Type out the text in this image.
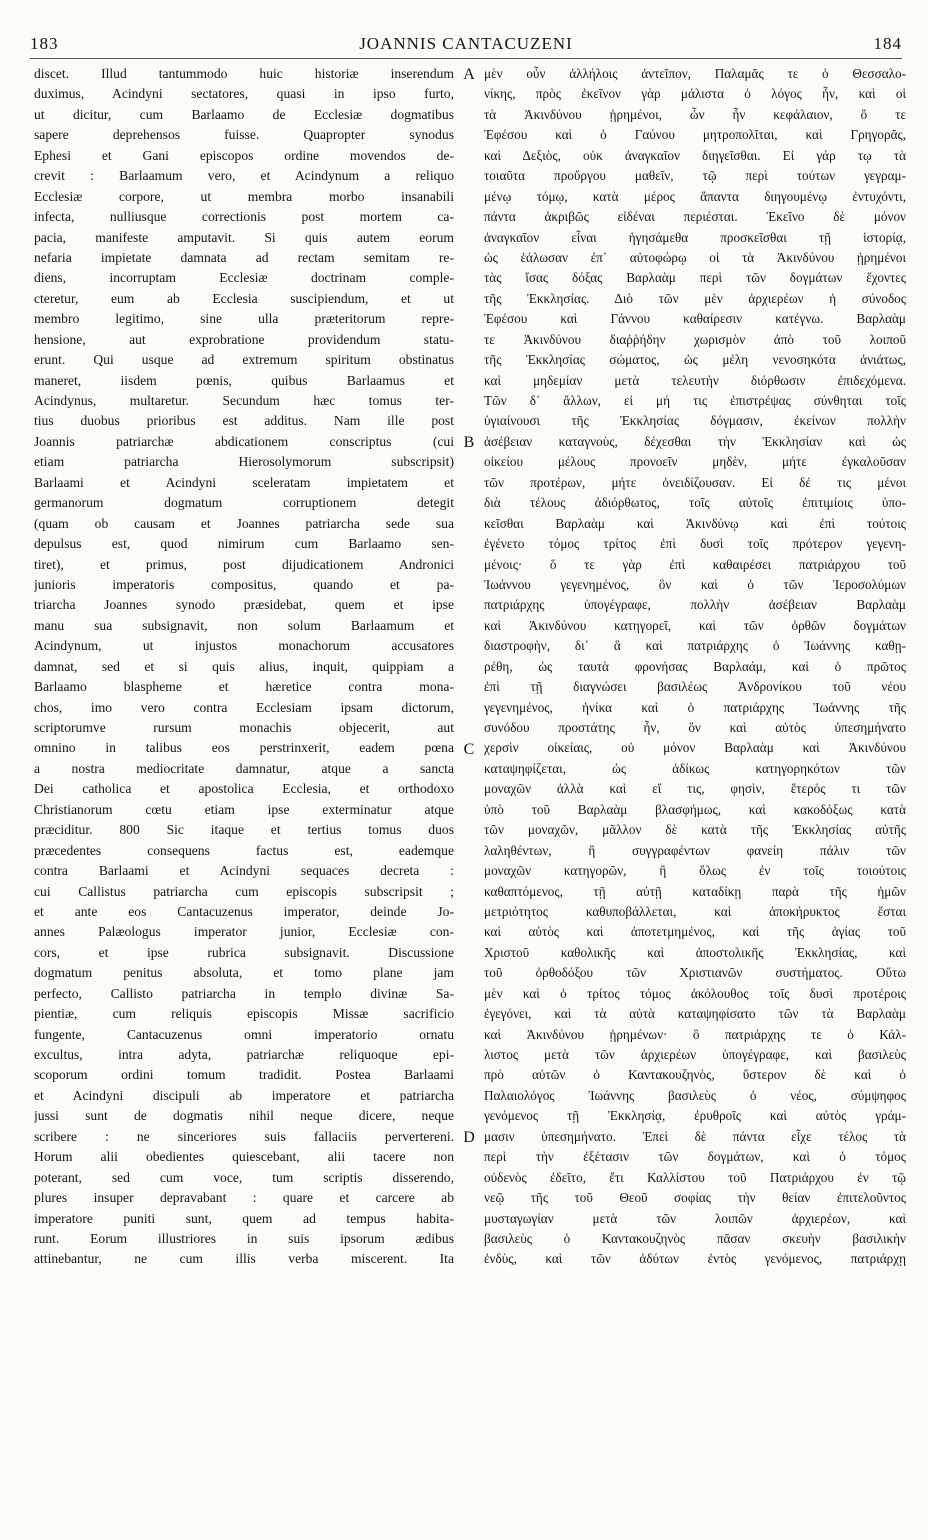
183	JOANNIS CANTACUZENI	184
discet. Illud tantummodo huic historiæ inserendum
duximus, Acindyni sectatores, quasi in ipso furto,
ut dicitur, cum Barlaamo de Ecclesiæ dogmatibus
sapere deprehensos fuisse. Quapropter synodus
Ephesi et Gani episcopos ordine movendos de-
crevit : Barlaamum vero, et Acindynum a reliquo
Ecclesiæ corpore, ut membra morbo insanabili
infecta, nulliusque correctionis post mortem ca-
pacia, manifeste amputavit. Si quis autem eorum
nefaria impietate damnata ad rectam semitam re-
diens, incorruptam Ecclesiæ doctrinam comple-
cteretur, eum ab Ecclesia suscipiendum, et ut
membro legitimo, sine ulla præteritorum repre-
hensione, aut exprobratione providendum statu-
erunt. Qui usque ad extremum spiritum obstinatus
maneret, iisdem pœnis, quibus Barlaamus et
Acindynus, multaretur. Secundum hæc tomus ter-
tius duobus prioribus est additus. Nam ille post
Joannis patriarchæ abdicationem conscriptus (cui
etiam patriarcha Hierosolymorum subscripsit)
Barlaami et Acindyni sceleratam impietatem et
germanorum dogmatum corruptionem detegit
(quam ob causam et Joannes patriarcha sede sua
depulsus est, quod nimirum cum Barlaamo sen-
tiret), et primus, post dijudicationem Andronici
junioris imperatoris compositus, quando et pa-
triarcha Joannes synodo præsidebat, quem et ipse
manu sua subsignavit, non solum Barlaamum et
Acindynum, ut injustos monachorum accusatores
damnat, sed et si quis alius, inquit, quippiam a
Barlaamo blaspheme et hæretice contra mona-
chos, imo vero contra Ecclesiam ipsam dictorum,
scriptorumve rursum monachis objecerit, aut
omnino in talibus eos perstrinxerit, eadem pœna
a nostra mediocritate damnatur, atque a sancta
Dei catholica et apostolica Ecclesia, et orthodoxo
Christianorum cœtu etiam ipse exterminatur atque
præciditur. 800 Sic itaque et tertius tomus duos
præcedentes consequens factus est, eademque
contra Barlaami et Acindyni sequaces decreta :
cui Callistus patriarcha cum episcopis subscripsit ;
et ante eos Cantacuzenus imperator, deinde Jo-
annes Palæologus imperator junior, Ecclesiæ con-
cors, et ipse rubrica subsignavit. Discussione
dogmatum penitus absoluta, et tomo plane jam
perfecto, Callisto patriarcha in templo divinæ Sa-
pientiæ, cum reliquis episcopis Missæ sacrificio
fungente, Cantacuzenus omni imperatorio ornatu
excultus, intra adyta, patriarchæ reliquoque epi-
scoporum ordini tomum tradidit. Postea Barlaami
et Acindyni discipuli ab imperatore et patriarcha
jussi sunt de dogmatis nihil neque dicere, neque
scribere : ne sinceriores suis fallaciis pervertereni.
Horum alii obedientes quiescebant, alii tacere non
poterant, sed cum voce, tum scriptis disserendo,
plures insuper depravabant : quare et carcere ab
imperatore puniti sunt, quem ad tempus habita-
runt. Eorum illustriores in suis ipsorum ædibus
attinebantur, ne cum illis verba miscerent. Ita
μὲν οὖν ἀλλήλοις ἀντεῖπον, Παλαμᾶς τε ὁ Θεσσαλο-
νίκης, πρὸς ἐκεῖνον γὰρ μάλιστα ὁ λόγος ἦν, καὶ οἱ
τὰ Ἀκινδύνου ᾑρημένοι, ὧν ἦν κεφάλαιον, ὅ τε
Ἐφέσου καὶ ὁ Γαύνου μητροπολῖται, καὶ Γρηγορᾶς,
καὶ Δεξιὸς, οὐκ ἀναγκαῖον διηγεῖσθαι. Εἰ γάρ τῳ τὰ
τοιαῦτα προὔργου μαθεῖν, τῷ περὶ τούτων γεγραμ-
μένῳ τόμῳ, κατὰ μέρος ἅπαντα διηγουμένῳ ἐντυχόντι,
πάντα ἀκριβῶς εἰδέναι περιέσται. Ἐκεῖνο δὲ μόνον
ἀναγκαῖον εἶναι ἡγησάμεθα προσκεῖσθαι τῇ ἱστορίᾳ,
ὡς ἑάλωσαν ἐπ᾽ αὐτοφώρῳ οἱ τὰ Ἀκινδύνου ᾑρημένοι
τὰς ἴσας δόξας Βαρλαὰμ περὶ τῶν δογμάτων ἔχοντες
τῆς Ἐκκλησίας. Διὸ τῶν μὲν ἀρχιερέων ἡ σύνοδος
Ἐφέσου καὶ Γάννου καθαίρεσιν κατέγνω. Βαρλαὰμ
τε Ἀκινδύνου διαῤῥήδην χωρισμὸν ἀπὸ τοῦ λοιποῦ
τῆς Ἐκκλησίας σώματος, ὡς μέλη νενοσηκότα ἀνιάτως,
καὶ μηδεμίαν μετὰ τελευτὴν διόρθωσιν ἐπιδεχόμενα.
Τῶν δ᾽ ἄλλων, εἰ μή τις ἐπιστρέψας σύνθηται τοῖς
ὑγιαίνουσι τῆς Ἐκκλησίας δόγμασιν, ἐκείνων πολλὴν
ἀσέβειαν καταγνοὺς, δέχεσθαι τὴν Ἐκκλησίαν καὶ ὡς
οἰκείου μέλους προνοεῖν μηδὲν, μήτε ἐγκαλοῦσαν
τῶν προτέρων, μήτε ὀνειδίζουσαν. Εἰ δέ τις μένοι
διὰ τέλους ἀδιόρθωτος, τοῖς αὐτοῖς ἐπιτιμίοις ὑπο-
κεῖσθαι Βαρλαὰμ καὶ Ἀκινδύνῳ καὶ ἐπὶ τούτοις
ἐγένετο τόμος τρίτος ἐπὶ δυσὶ τοῖς πρότερον γεγενη-
μένοις· ὅ τε γὰρ ἐπὶ καθαιρέσει πατριάρχου τοῦ
Ἰωάννου γεγενημένος, ὃν καὶ ὁ τῶν Ἱεροσολύμων
πατριάρχης ὑπογέγραφε, πολλὴν ἀσέβειαν Βαρλαὰμ
καὶ Ἀκινδύνου κατηγορεῖ, καὶ τῶν ὀρθῶν δογμάτων
διαστροφὴν, δι᾽ ἃ καὶ πατριάρχης ὁ Ἰωάννης καθῃ-
ρέθη, ὡς ταυτὰ φρονήσας Βαρλαάμ, καὶ ὁ πρῶτος
ἐπὶ τῇ διαγνώσει βασιλέως Ἀνδρονίκου τοῦ νέου
γεγενημένος, ἡνίκα καὶ ὁ πατριάρχης Ἰωάννης τῆς
συνόδου προστάτης ἦν, ὃν καὶ αὐτὸς ὑπεσημήνατο
χερσὶν οἰκείαις, οὐ μόνον Βαρλαὰμ καὶ Ἀκινδύνου
καταψηφίζεται, ὡς ἀδίκως κατηγορηκότων τῶν
μοναχῶν ἀλλὰ καὶ εἴ τις, φησὶν, ἕτερός τι τῶν
ὑπὸ τοῦ Βαρλαὰμ βλασφήμως, καὶ κακοδόξως κατὰ
τῶν μοναχῶν, μᾶλλον δὲ κατὰ τῆς Ἐκκλησίας αὐτῆς
λαληθέντων, ἢ συγγραφέντων φανείη πάλιν τῶν
μοναχῶν κατηγορῶν, ἢ ὅλως ἐν τοῖς τοιούτοις
καθαπτόμενος, τῇ αὐτῇ καταδίκῃ παρὰ τῆς ἡμῶν
μετριότητος καθυποβάλλεται, καὶ ἀποκήρυκτος ἔσται
καὶ αὐτὸς καὶ ἀποτετμημένος, καὶ τῆς ἁγίας τοῦ
Χριστοῦ καθολικῆς καὶ ἀποστολικῆς Ἐκκλησίας, καὶ
τοῦ ὀρθοδόξου τῶν Χριστιανῶν συστήματος. Οὕτω
μὲν καὶ ὁ τρίτος τόμος ἀκόλουθος τοῖς δυσὶ προτέροις
ἐγεγόνει, καὶ τὰ αὐτὰ καταψηφίσατο τῶν τὰ Βαρλαὰμ
καὶ Ἀκινδύνου ᾑρημένων· ὃ πατριάρχης τε ὁ Κάλ-
λιστος μετὰ τῶν ἀρχιερέων ὑπογέγραφε, καὶ βασιλεὺς
πρὸ αὐτῶν ὁ Καντακουζηνὸς, ὕστερον δὲ καὶ ὁ
Παλαιολόγος Ἰωάννης βασιλεὺς ὁ νέος, σύμψηφος
γενόμενος τῇ Ἐκκλησίᾳ, ἐρυθροῖς καὶ αὐτὸς γράμ-
μασιν ὑπεσημήνατο. Ἐπεὶ δὲ πάντα εἶχε τέλος τὰ
περὶ τὴν ἐξέτασιν τῶν δογμάτων, καὶ ὁ τόμος
οὐδενὸς ἐδεῖτο, ἔτι Καλλίστου τοῦ Πατριάρχου ἐν τῷ
νεῷ τῆς τοῦ Θεοῦ σοφίας τὴν θείαν ἐπιτελοῦντος
μυσταγωγίαν μετὰ τῶν λοιπῶν ἀρχιερέων, καὶ
βασιλεὺς ὁ Καντακουζηνὸς πᾶσαν σκευὴν βασιλικὴν
ἐνδὺς, καὶ τῶν ἀδύτων ἐντὸς γενόμενος, πατριάρχῃ
A
B
C
D
